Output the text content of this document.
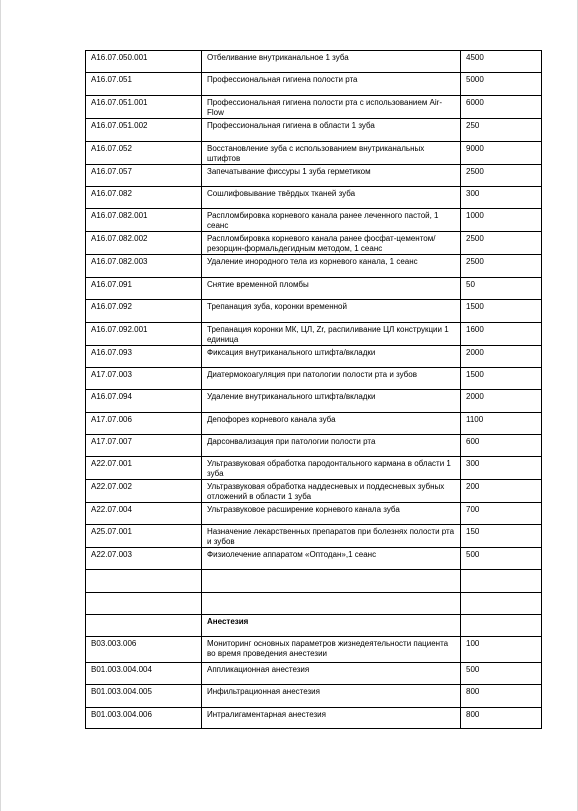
A16.07.050.001	Отбеливание внутриканальное 1 зуба	4500
A16.07.051	Профессиональная гигиена полости рта	5000
A16.07.051.001	Профессиональная гигиена полости рта с использованием Air- Flow	6000
A16.07.051.002	Профессиональная гигиена в области 1 зуба	250
A16.07.052	Восстановление зуба с использованием внутриканальных штифтов	9000
A16.07.057	Запечатывание фиссуры 1 зуба герметиком	2500
A16.07.082	Сошлифовывание твёрдых тканей зуба	300
A16.07.082.001	Распломбировка корневого канала ранее леченного пастой, 1 сеанс	1000
A16.07.082.002	Распломбировка корневого канала ранее фосфат-цементом/резорцин-формальдегидным методом, 1 сеанс	2500
A16.07.082.003	Удаление инородного тела из корневого канала, 1 сеанс	2500
A16.07.091	Снятие временной пломбы	50
A16.07.092	Трепанация зуба, коронки временной	1500
A16.07.092.001	Трепанация коронки МК, ЦЛ, Zr, распиливание ЦЛ конструкции 1 единица	1600
A16.07.093	Фиксация внутриканального штифта/вкладки	2000
A17.07.003	Диатермокоагуляция при патологии полости рта и зубов	1500
A16.07.094	Удаление внутриканального штифта/вкладки	2000
A17.07.006	Депофорез корневого канала зуба	1100
A17.07.007	Дарсонвализация при патологии полости рта	600
A22.07.001	Ультразвуковая обработка пародонтального кармана в области 1 зуба	300
A22.07.002	Ультразвуковая обработка наддесневых и поддесневых зубных отложений в области 1 зуба	200
A22.07.004	Ультразвуковое расширение корневого канала зуба	700
A25.07.001	Назначение лекарственных препаратов при болезнях полости рта и зубов	150
A22.07.003	Физиолечение аппаратом «Оптодан»,1 сеанс	500

	Анестезия	
B03.003.006	Мониторинг основных параметров жизнедеятельности пациента во время проведения анестезии	100
B01.003.004.004	Аппликационная анестезия	500
B01.003.004.005	Инфильтрационная анестезия	800
B01.003.004.006	Интралигаментарная анестезия	800
